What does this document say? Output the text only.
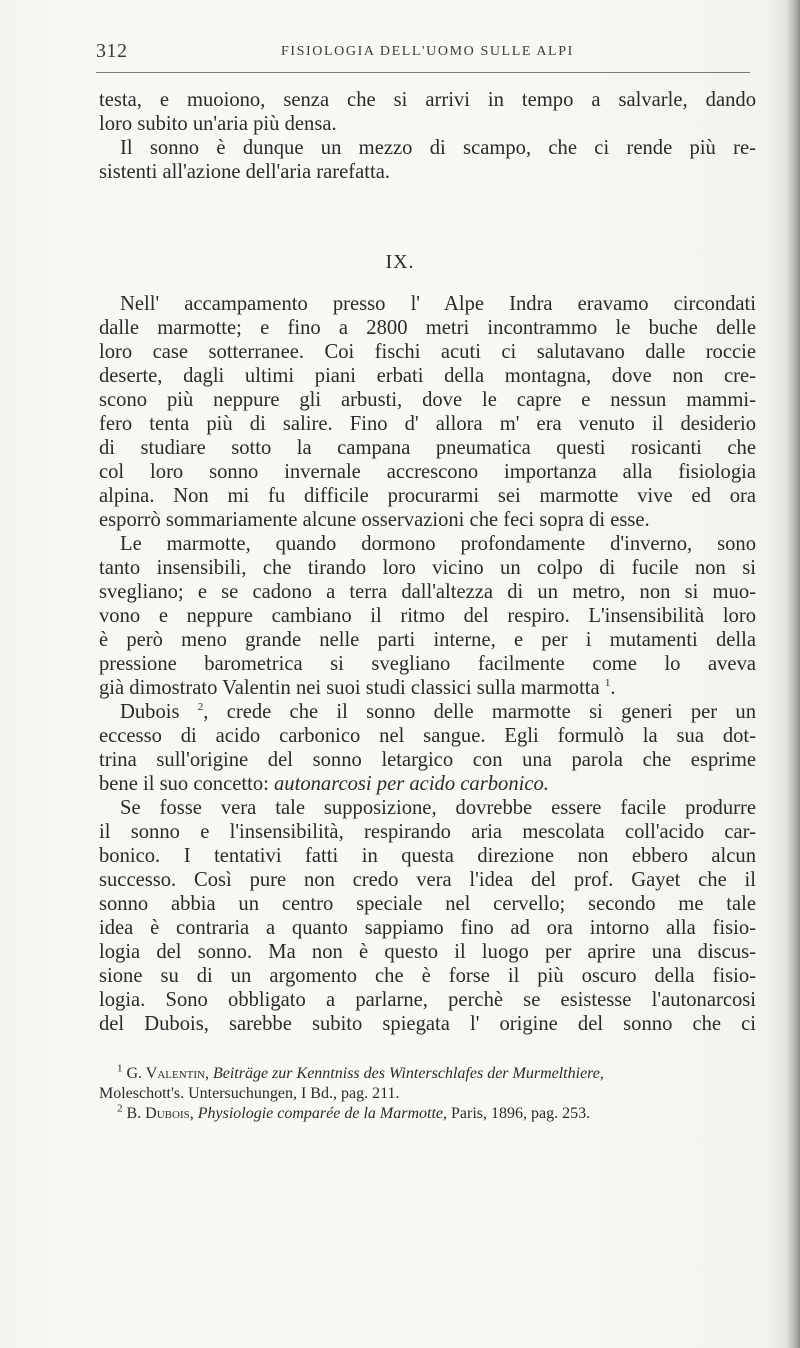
312	FISIOLOGIA DELL'UOMO SULLE ALPI
testa, e muoiono, senza che si arrivi in tempo a salvarle, dando
loro subito un'aria più densa.
Il sonno è dunque un mezzo di scampo, che ci rende più re-
sistenti all'azione dell'aria rarefatta.

IX.

Nell' accampamento presso l' Alpe Indra eravamo circondati
dalle marmotte; e fino a 2800 metri incontrammo le buche delle
loro case sotterranee. Coi fischi acuti ci salutavano dalle roccie
deserte, dagli ultimi piani erbati della montagna, dove non cre-
scono più neppure gli arbusti, dove le capre e nessun mammi-
fero tenta più di salire. Fino d' allora m' era venuto il desiderio
di studiare sotto la campana pneumatica questi rosicanti che
col loro sonno invernale accrescono importanza alla fisiologia
alpina. Non mi fu difficile procurarmi sei marmotte vive ed ora
esporrò sommariamente alcune osservazioni che feci sopra di esse.
Le marmotte, quando dormono profondamente d'inverno, sono
tanto insensibili, che tirando loro vicino un colpo di fucile non si
svegliano; e se cadono a terra dall'altezza di un metro, non si muo-
vono e neppure cambiano il ritmo del respiro. L'insensibilità loro
è però meno grande nelle parti interne, e per i mutamenti della
pressione barometrica si svegliano facilmente come lo aveva
già dimostrato Valentin nei suoi studi classici sulla marmotta $^1$.
Dubois $^2$, crede che il sonno delle marmotte si generi per un
eccesso di acido carbonico nel sangue. Egli formulò la sua dot-
trina sull'origine del sonno letargico con una parola che esprime
bene il suo concetto: autonarcosi per acido carbonico.
Se fosse vera tale supposizione, dovrebbe essere facile produrre
il sonno e l'insensibilità, respirando aria mescolata coll'acido car-
bonico. I tentativi fatti in questa direzione non ebbero alcun
successo. Così pure non credo vera l'idea del prof. Gayet che il
sonno abbia un centro speciale nel cervello; secondo me tale
idea è contraria a quanto sappiamo fino ad ora intorno alla fisio-
logia del sonno. Ma non è questo il luogo per aprire una discus-
sione su di un argomento che è forse il più oscuro della fisio-
logia. Sono obbligato a parlarne, perchè se esistesse l'autonarcosi
del Dubois, sarebbe subito spiegata l' origine del sonno che ci
$^1$ G. Valentin, Beiträge zur Kenntniss des Winterschlafes der Murmelthiere,
Moleschott's. Untersuchungen, I Bd., pag. 211.
$^2$ B. Dubois, Physiologie comparée de la Marmotte, Paris, 1896, pag. 253.
